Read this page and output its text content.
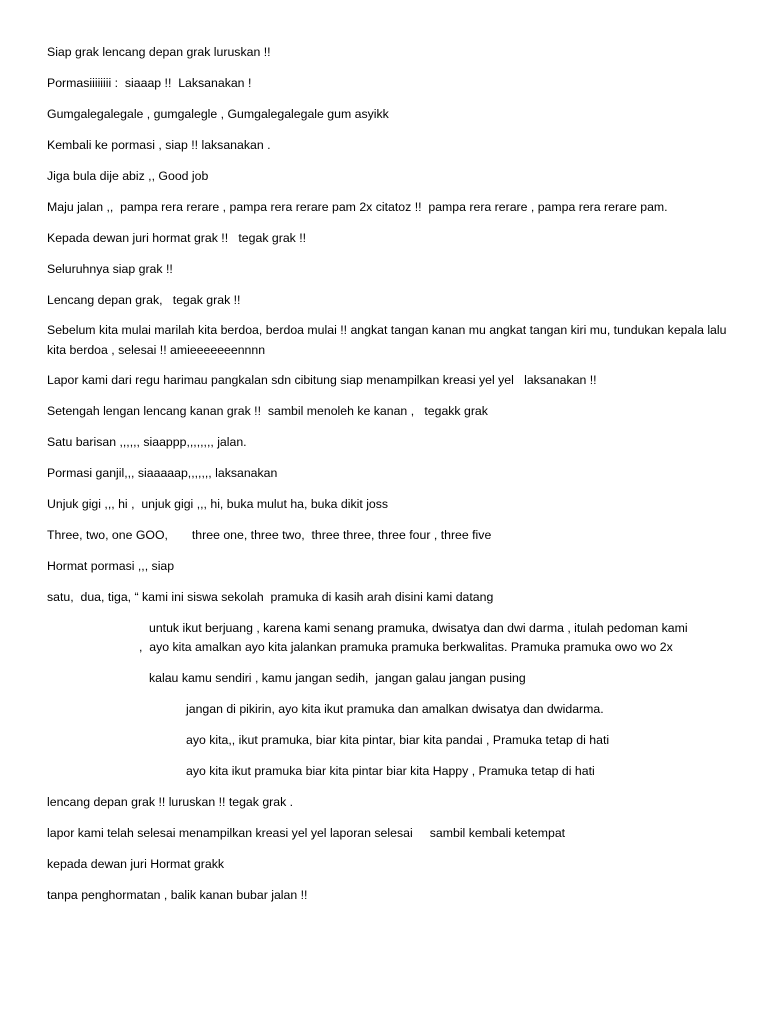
Siap grak lencang depan grak luruskan !!

Pormasiiiiiiii :  siaaap !!  Laksanakan !

Gumgalegalegale , gumgalegle , Gumgalegalegale gum asyikk

Kembali ke pormasi , siap !! laksanakan .

Jiga bula dije abiz ,, Good job

Maju jalan ,,  pampa rera rerare , pampa rera rerare pam 2x citatoz !!  pampa rera rerare , pampa rera rerare pam.

Kepada dewan juri hormat grak !!   tegak grak !!

Seluruhnya siap grak !!

Lencang depan grak,   tegak grak !!

Sebelum kita mulai marilah kita berdoa, berdoa mulai !! angkat tangan kanan mu angkat tangan kiri mu, tundukan kepala lalu kita berdoa , selesai !! amieeeeeeennnn

Lapor kami dari regu harimau pangkalan sdn cibitung siap menampilkan kreasi yel yel   laksanakan !!

Setengah lengan lencang kanan grak !!  sambil menoleh ke kanan ,   tegakk grak

Satu barisan ,,,,,, siaappp,,,,,,,, jalan.

Pormasi ganjil,,, siaaaaap,,,,,,, laksanakan

Unjuk gigi ,,, hi ,  unjuk gigi ,,, hi, buka mulut ha, buka dikit joss

Three, two, one GOO,       three one, three two,  three three, three four , three five

Hormat pormasi ,,, siap

satu,  dua, tiga, “ kami ini siswa sekolah  pramuka di kasih arah disini kami datang

untuk ikut berjuang , karena kami senang pramuka, dwisatya dan dwi darma , itulah pedoman kami

,  ayo kita amalkan ayo kita jalankan pramuka pramuka berkwalitas. Pramuka pramuka owo wo 2x

kalau kamu sendiri , kamu jangan sedih,  jangan galau jangan pusing

jangan di pikirin, ayo kita ikut pramuka dan amalkan dwisatya dan dwidarma.

ayo kita,, ikut pramuka, biar kita pintar, biar kita pandai , Pramuka tetap di hati

ayo kita ikut pramuka biar kita pintar biar kita Happy , Pramuka tetap di hati

lencang depan grak !! luruskan !! tegak grak .

lapor kami telah selesai menampilkan kreasi yel yel laporan selesai     sambil kembali ketempat

kepada dewan juri Hormat grakk

tanpa penghormatan , balik kanan bubar jalan !!
